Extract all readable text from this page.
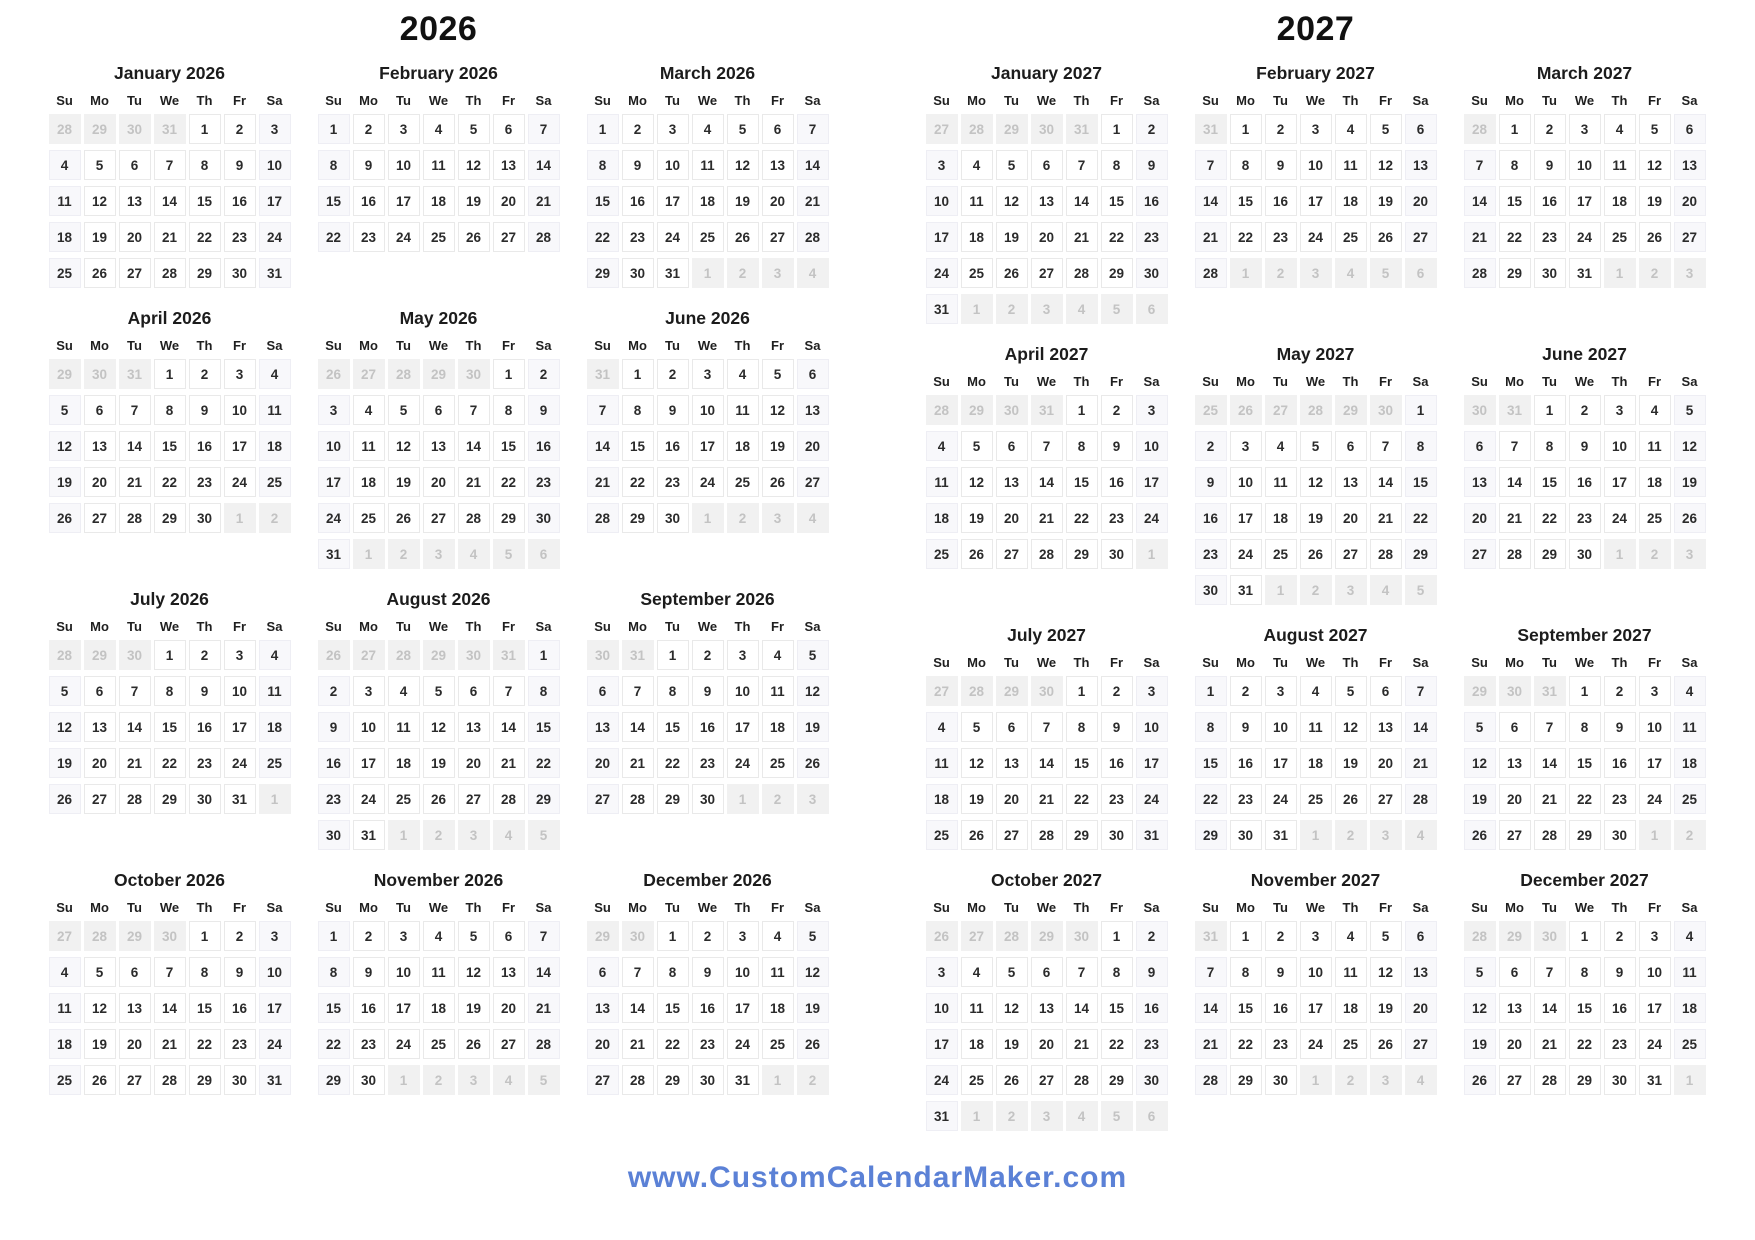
2026
January 2026
Su	Mo	Tu	We	Th	Fr	Sa
28	29	30	31	1	2	3
4	5	6	7	8	9	10
11	12	13	14	15	16	17
18	19	20	21	22	23	24
25	26	27	28	29	30	31
February 2026
Su	Mo	Tu	We	Th	Fr	Sa
1	2	3	4	5	6	7
8	9	10	11	12	13	14
15	16	17	18	19	20	21
22	23	24	25	26	27	28
March 2026
Su	Mo	Tu	We	Th	Fr	Sa
1	2	3	4	5	6	7
8	9	10	11	12	13	14
15	16	17	18	19	20	21
22	23	24	25	26	27	28
29	30	31	1	2	3	4
April 2026
Su	Mo	Tu	We	Th	Fr	Sa
29	30	31	1	2	3	4
5	6	7	8	9	10	11
12	13	14	15	16	17	18
19	20	21	22	23	24	25
26	27	28	29	30	1	2
May 2026
Su	Mo	Tu	We	Th	Fr	Sa
26	27	28	29	30	1	2
3	4	5	6	7	8	9
10	11	12	13	14	15	16
17	18	19	20	21	22	23
24	25	26	27	28	29	30
31	1	2	3	4	5	6
June 2026
Su	Mo	Tu	We	Th	Fr	Sa
31	1	2	3	4	5	6
7	8	9	10	11	12	13
14	15	16	17	18	19	20
21	22	23	24	25	26	27
28	29	30	1	2	3	4
July 2026
Su	Mo	Tu	We	Th	Fr	Sa
28	29	30	1	2	3	4
5	6	7	8	9	10	11
12	13	14	15	16	17	18
19	20	21	22	23	24	25
26	27	28	29	30	31	1
August 2026
Su	Mo	Tu	We	Th	Fr	Sa
26	27	28	29	30	31	1
2	3	4	5	6	7	8
9	10	11	12	13	14	15
16	17	18	19	20	21	22
23	24	25	26	27	28	29
30	31	1	2	3	4	5
September 2026
Su	Mo	Tu	We	Th	Fr	Sa
30	31	1	2	3	4	5
6	7	8	9	10	11	12
13	14	15	16	17	18	19
20	21	22	23	24	25	26
27	28	29	30	1	2	3
October 2026
Su	Mo	Tu	We	Th	Fr	Sa
27	28	29	30	1	2	3
4	5	6	7	8	9	10
11	12	13	14	15	16	17
18	19	20	21	22	23	24
25	26	27	28	29	30	31
November 2026
Su	Mo	Tu	We	Th	Fr	Sa
1	2	3	4	5	6	7
8	9	10	11	12	13	14
15	16	17	18	19	20	21
22	23	24	25	26	27	28
29	30	1	2	3	4	5
December 2026
Su	Mo	Tu	We	Th	Fr	Sa
29	30	1	2	3	4	5
6	7	8	9	10	11	12
13	14	15	16	17	18	19
20	21	22	23	24	25	26
27	28	29	30	31	1	2
2027
January 2027
Su	Mo	Tu	We	Th	Fr	Sa
27	28	29	30	31	1	2
3	4	5	6	7	8	9
10	11	12	13	14	15	16
17	18	19	20	21	22	23
24	25	26	27	28	29	30
31	1	2	3	4	5	6
February 2027
Su	Mo	Tu	We	Th	Fr	Sa
31	1	2	3	4	5	6
7	8	9	10	11	12	13
14	15	16	17	18	19	20
21	22	23	24	25	26	27
28	1	2	3	4	5	6
March 2027
Su	Mo	Tu	We	Th	Fr	Sa
28	1	2	3	4	5	6
7	8	9	10	11	12	13
14	15	16	17	18	19	20
21	22	23	24	25	26	27
28	29	30	31	1	2	3
April 2027
Su	Mo	Tu	We	Th	Fr	Sa
28	29	30	31	1	2	3
4	5	6	7	8	9	10
11	12	13	14	15	16	17
18	19	20	21	22	23	24
25	26	27	28	29	30	1
May 2027
Su	Mo	Tu	We	Th	Fr	Sa
25	26	27	28	29	30	1
2	3	4	5	6	7	8
9	10	11	12	13	14	15
16	17	18	19	20	21	22
23	24	25	26	27	28	29
30	31	1	2	3	4	5
June 2027
Su	Mo	Tu	We	Th	Fr	Sa
30	31	1	2	3	4	5
6	7	8	9	10	11	12
13	14	15	16	17	18	19
20	21	22	23	24	25	26
27	28	29	30	1	2	3
July 2027
Su	Mo	Tu	We	Th	Fr	Sa
27	28	29	30	1	2	3
4	5	6	7	8	9	10
11	12	13	14	15	16	17
18	19	20	21	22	23	24
25	26	27	28	29	30	31
August 2027
Su	Mo	Tu	We	Th	Fr	Sa
1	2	3	4	5	6	7
8	9	10	11	12	13	14
15	16	17	18	19	20	21
22	23	24	25	26	27	28
29	30	31	1	2	3	4
September 2027
Su	Mo	Tu	We	Th	Fr	Sa
29	30	31	1	2	3	4
5	6	7	8	9	10	11
12	13	14	15	16	17	18
19	20	21	22	23	24	25
26	27	28	29	30	1	2
October 2027
Su	Mo	Tu	We	Th	Fr	Sa
26	27	28	29	30	1	2
3	4	5	6	7	8	9
10	11	12	13	14	15	16
17	18	19	20	21	22	23
24	25	26	27	28	29	30
31	1	2	3	4	5	6
November 2027
Su	Mo	Tu	We	Th	Fr	Sa
31	1	2	3	4	5	6
7	8	9	10	11	12	13
14	15	16	17	18	19	20
21	22	23	24	25	26	27
28	29	30	1	2	3	4
December 2027
Su	Mo	Tu	We	Th	Fr	Sa
28	29	30	1	2	3	4
5	6	7	8	9	10	11
12	13	14	15	16	17	18
19	20	21	22	23	24	25
26	27	28	29	30	31	1
www.CustomCalendarMaker.com
